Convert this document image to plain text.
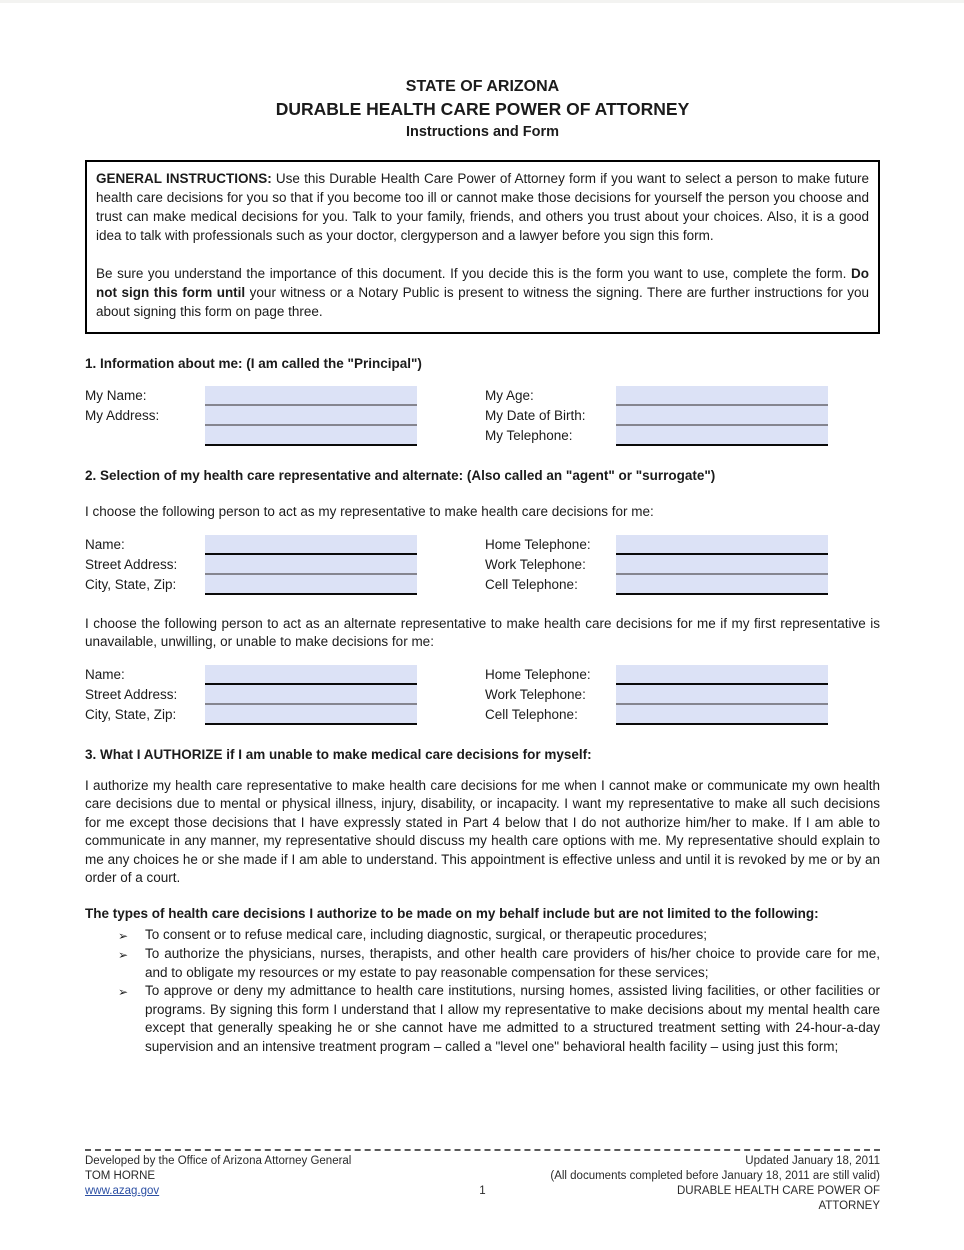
STATE OF ARIZONA
DURABLE HEALTH CARE POWER OF ATTORNEY
Instructions and Form

GENERAL INSTRUCTIONS: Use this Durable Health Care Power of Attorney form if you want to select a person to make future health care decisions for you so that if you become too ill or cannot make those decisions for yourself the person you choose and trust can make medical decisions for you. Talk to your family, friends, and others you trust about your choices. Also, it is a good idea to talk with professionals such as your doctor, clergyperson and a lawyer before you sign this form.

Be sure you understand the importance of this document. If you decide this is the form you want to use, complete the form. Do not sign this form until your witness or a Notary Public is present to witness the signing. There are further instructions for you about signing this form on page three.

1. Information about me: (I am called the "Principal")
My Name:
My Address:
My Age:
My Date of Birth:
My Telephone:
2. Selection of my health care representative and alternate: (Also called an "agent" or "surrogate")

I choose the following person to act as my representative to make health care decisions for me:

Name:
Street Address:
City, State, Zip:
Home Telephone:
Work Telephone:
Cell Telephone:

I choose the following person to act as an alternate representative to make health care decisions for me if my first representative is unavailable, unwilling, or unable to make decisions for me:

Name:
Street Address:
City, State, Zip:
Home Telephone:
Work Telephone:
Cell Telephone:
3. What I AUTHORIZE if I am unable to make medical care decisions for myself:

I authorize my health care representative to make health care decisions for me when I cannot make or communicate my own health care decisions due to mental or physical illness, injury, disability, or incapacity. I want my representative to make all such decisions for me except those decisions that I have expressly stated in Part 4 below that I do not authorize him/her to make. If I am able to communicate in any manner, my representative should discuss my health care options with me. My representative should explain to me any choices he or she made if I am able to understand. This appointment is effective unless and until it is revoked by me or by an order of a court.

The types of health care decisions I authorize to be made on my behalf include but are not limited to the following:
➢	To consent or to refuse medical care, including diagnostic, surgical, or therapeutic procedures;
➢	To authorize the physicians, nurses, therapists, and other health care providers of his/her choice to provide care for me, and to obligate my resources or my estate to pay reasonable compensation for these services;
➢	To approve or deny my admittance to health care institutions, nursing homes, assisted living facilities, or other facilities or programs. By signing this form I understand that I allow my representative to make decisions about my mental health care except that generally speaking he or she cannot have me admitted to a structured treatment setting with 24-hour-a-day supervision and an intensive treatment program – called a "level one" behavioral health facility – using just this form;
Developed by the Office of Arizona Attorney General	Updated January 18, 2011
TOM HORNE	(All documents completed before January 18, 2011 are still valid)
www.azag.gov	1	DURABLE HEALTH CARE POWER OF ATTORNEY
